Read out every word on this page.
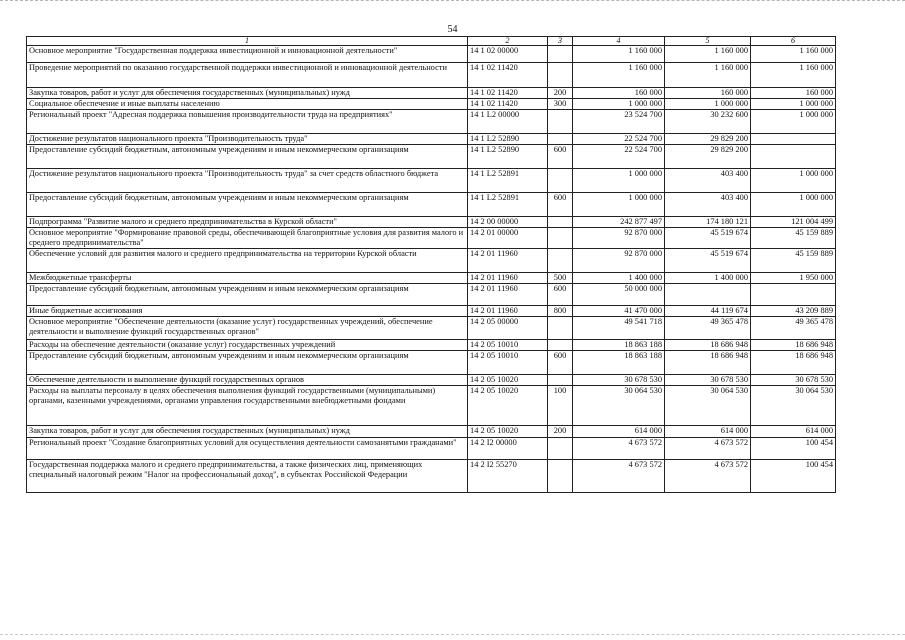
54
1	2	3	4	5	6
Основное мероприятие "Государственная поддержка инвестиционной и инновационной деятельности"	14 1 02 00000		1 160 000	1 160 000	1 160 000
Проведение мероприятий по оказанию государственной поддержки инвестиционной и инновационной деятельности	14 1 02 11420		1 160 000	1 160 000	1 160 000
Закупка товаров, работ и услуг для обеспечения государственных (муниципальных) нужд	14 1 02 11420	200	160 000	160 000	160 000
Социальное обеспечение и иные выплаты населению	14 1 02 11420	300	1 000 000	1 000 000	1 000 000
Региональный проект "Адресная поддержка повышения производительности труда на предприятиях"	14 1 L2 00000		23 524 700	30 232 600	1 000 000
Достижение результатов национального проекта "Производительность труда"	14 1 L2 52890		22 524 700	29 829 200	
Предоставление субсидий бюджетным, автономным учреждениям и иным некоммерческим организациям	14 1 L2 52890	600	22 524 700	29 829 200	
Достижение результатов национального проекта "Производительность труда" за счет средств областного бюджета	14 1 L2 52891		1 000 000	403 400	1 000 000
Предоставление субсидий бюджетным, автономным учреждениям и иным некоммерческим организациям	14 1 L2 52891	600	1 000 000	403 400	1 000 000
Подпрограмма "Развитие малого и среднего предпринимательства в Курской области"	14 2 00 00000		242 877 497	174 180 121	121 004 499
Основное мероприятие "Формирование правовой среды, обеспечивающей благоприятные условия для развития малого и среднего предпринимательства"	14 2 01 00000		92 870 000	45 519 674	45 159 889
Обеспечение условий для развития малого и среднего предпринимательства на территории Курской области	14 2 01 11960		92 870 000	45 519 674	45 159 889
Межбюджетные трансферты	14 2 01 11960	500	1 400 000	1 400 000	1 950 000
Предоставление субсидий бюджетным, автономным учреждениям и иным некоммерческим организациям	14 2 01 11960	600	50 000 000		
Иные бюджетные ассигнования	14 2 01 11960	800	41 470 000	44 119 674	43 209 889
Основное мероприятие "Обеспечение деятельности (оказание услуг) государственных учреждений, обеспечение деятельности и выполнение функций государственных органов"	14 2 05 00000		49 541 718	49 365 478	49 365 478
Расходы на обеспечение деятельности (оказание услуг) государственных учреждений	14 2 05 10010		18 863 188	18 686 948	18 686 948
Предоставление субсидий бюджетным, автономным учреждениям и иным некоммерческим организациям	14 2 05 10010	600	18 863 188	18 686 948	18 686 948
Обеспечение деятельности и выполнение функций государственных органов	14 2 05 10020		30 678 530	30 678 530	30 678 530
Расходы на выплаты персоналу в целях обеспечения выполнения функций государственными (муниципальными) органами, казенными учреждениями, органами управления государственными внебюджетными фондами	14 2 05 10020	100	30 064 530	30 064 530	30 064 530
Закупка товаров, работ и услуг для обеспечения государственных (муниципальных) нужд	14 2 05 10020	200	614 000	614 000	614 000
Региональный проект "Создание благоприятных условий для осуществления деятельности самозанятыми гражданами"	14 2 I2 00000		4 673 572	4 673 572	100 454
Государственная поддержка малого и среднего предпринимательства, а также физических лиц, применяющих специальный налоговый режим "Налог на профессиональный доход", в субъектах Российской Федерации	14 2 I2 55270		4 673 572	4 673 572	100 454
